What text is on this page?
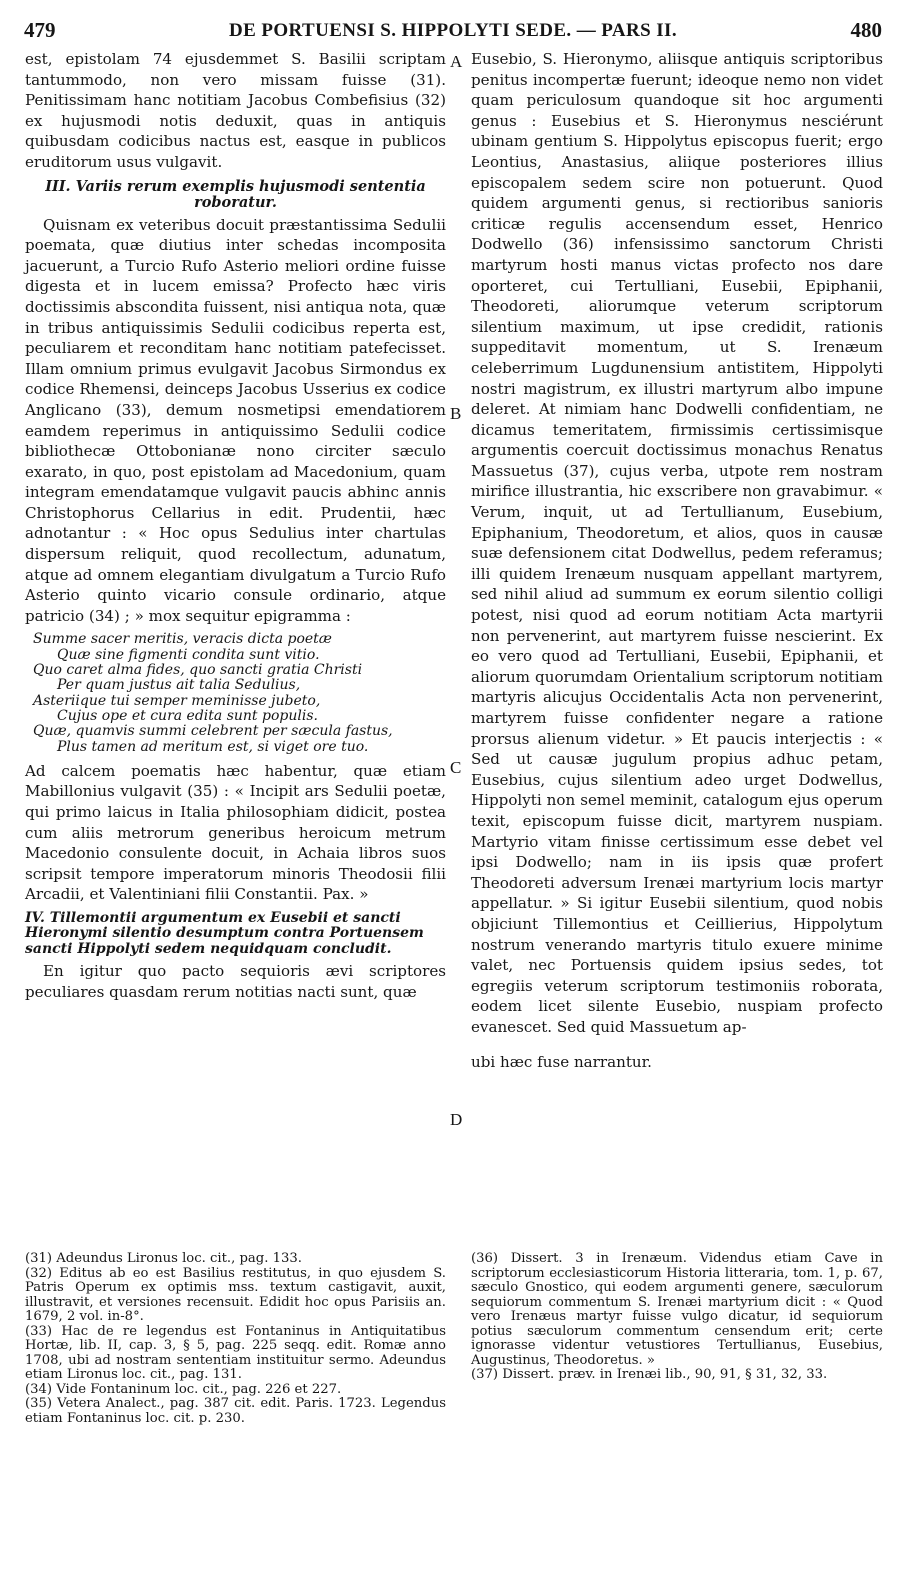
479	DE PORTUENSI S. HIPPOLYTI SEDE. — PARS II.	480

est, epistolam 74 ejusdemmet S. Basilii scriptam tantummodo, non vero missam fuisse (31). Penitissimam hanc notitiam Jacobus Combefisius (32) ex hujusmodi notis deduxit, quas in antiquis quibusdam codicibus nactus est, easque in publicos eruditorum usus vulgavit.

III. Variis rerum exemplis hujusmodi sententia roboratur.

Quisnam ex veteribus docuit præstantissima Sedulii poemata, quæ diutius inter schedas incomposita jacuerunt, a Turcio Rufo Asterio meliori ordine fuisse digesta et in lucem emissa? Profecto hæc viris doctissimis abscondita fuissent, nisi antiqua nota, quæ in tribus antiquissimis Sedulii codicibus reperta est, peculiarem et reconditam hanc notitiam patefecisset. Illam omnium primus evulgavit Jacobus Sirmondus ex codice Rhemensi, deinceps Jacobus Usserius ex codice Anglicano (33), demum nosmetipsi emendatiorem eamdem reperimus in antiquissimo Sedulii codice bibliothecæ Ottobonianæ nono circiter sæculo exarato, in quo, post epistolam ad Macedonium, quam integram emendatamque vulgavit paucis abhinc annis Christophorus Cellarius in edit. Prudentii, hæc adnotantur : « Hoc opus Sedulius inter chartulas dispersum reliquit, quod recollectum, adunatum, atque ad omnem elegantiam divulgatum a Turcio Rufo Asterio quinto vicario consule ordinario, atque patricio (34) ; » mox sequitur epigramma :

Summe sacer meritis, veracis dicta poetæ
Quæ sine figmenti condita sunt vitio.
Quo caret alma fides, quo sancti gratia Christi
Per quam justus ait talia Sedulius,
Asteriique tui semper meminisse jubeto,
Cujus ope et cura edita sunt populis.
Quæ, quamvis summi celebrent per sæcula fastus,
Plus tamen ad meritum est, si viget ore tuo.

Ad calcem poematis hæc habentur, quæ etiam Mabillonius vulgavit (35) : « Incipit ars Sedulii poetæ, qui primo laicus in Italia philosophiam didicit, postea cum aliis metrorum generibus heroicum metrum Macedonio consulente docuit, in Achaia libros suos scripsit tempore imperatorum minoris Theodosii filii Arcadii, et Valentiniani filii Constantii. Pax. »

IV. Tillemontii argumentum ex Eusebii et sancti Hieronymi silentio desumptum contra Portuensem sancti Hippolyti sedem nequidquam concludit.

En igitur quo pacto sequioris ævi scriptores peculiares quasdam rerum notitias nacti sunt, quæ

Eusebio, S. Hieronymo, aliisque antiquis scriptoribus penitus incompertæ fuerunt; ideoque nemo non videt quam periculosum quandoque sit hoc argumenti genus : Eusebius et S. Hieronymus nesciérunt ubinam gentium S. Hippolytus episcopus fuerit; ergo Leontius, Anastasius, aliique posteriores illius episcopalem sedem scire non potuerunt. Quod quidem argumenti genus, si rectioribus sanioris criticæ regulis accensendum esset, Henrico Dodwello (36) infensissimo sanctorum Christi martyrum hosti manus victas profecto nos dare oporteret, cui Tertulliani, Eusebii, Epiphanii, Theodoreti, aliorumque veterum scriptorum silentium maximum, ut ipse credidit, rationis suppeditavit momentum, ut S. Irenæum celeberrimum Lugdunensium antistitem, Hippolyti nostri magistrum, ex illustri martyrum albo impune deleret. At nimiam hanc Dodwelli confidentiam, ne dicamus temeritatem, firmissimis certissimisque argumentis coercuit doctissimus monachus Renatus Massuetus (37), cujus verba, utpote rem nostram mirifice illustrantia, hic exscribere non gravabimur. « Verum, inquit, ut ad Tertullianum, Eusebium, Epiphanium, Theodoretum, et alios, quos in causæ suæ defensionem citat Dodwellus, pedem referamus; illi quidem Irenæum nusquam appellant martyrem, sed nihil aliud ad summum ex eorum silentio colligi potest, nisi quod ad eorum notitiam Acta martyrii non pervenerint, aut martyrem fuisse nescierint. Ex eo vero quod ad Tertulliani, Eusebii, Epiphanii, et aliorum quorumdam Orientalium scriptorum notitiam martyris alicujus Occidentalis Acta non pervenerint, martyrem fuisse confidenter negare a ratione prorsus alienum videtur. » Et paucis interjectis : « Sed ut causæ jugulum propius adhuc petam, Eusebius, cujus silentium adeo urget Dodwellus, Hippolyti non semel meminit, catalogum ejus operum texit, episcopum fuisse dicit, martyrem nuspiam. Martyrio vitam finisse certissimum esse debet vel ipsi Dodwello; nam in iis ipsis quæ profert Theodoreti adversum Irenæi martyrium locis martyr appellatur. » Si igitur Eusebii silentium, quod nobis objiciunt Tillemontius et Ceillierius, Hippolytum nostrum venerando martyris titulo exuere minime valet, nec Portuensis quidem ipsius sedes, tot egregiis veterum scriptorum testimoniis roborata, eodem licet silente Eusebio, nuspiam profecto evanescet. Sed quid Massuetum ap-

ubi hæc fuse narrantur.

A
B
C
D

(31) Adeundus Lironus loc. cit., pag. 133.

(32) Editus ab eo est Basilius restitutus, in quo ejusdem S. Patris Operum ex optimis mss. textum castigavit, auxit, illustravit, et versiones recensuit. Edidit hoc opus Parisiis an. 1679, 2 vol. in-8°.

(33) Hac de re legendus est Fontaninus in Antiquitatibus Hortæ, lib. II, cap. 3, § 5, pag. 225 seqq. edit. Romæ anno 1708, ubi ad nostram sententiam instituitur sermo. Adeundus etiam Lironus loc. cit., pag. 131.

(34) Vide Fontaninum loc. cit., pag. 226 et 227.

(35) Vetera Analect., pag. 387 cit. edit. Paris. 1723. Legendus etiam Fontaninus loc. cit. p. 230.

(36) Dissert. 3 in Irenæum. Videndus etiam Cave in scriptorum ecclesiasticorum Historia litteraria, tom. 1, p. 67, sæculo Gnostico, qui eodem argumenti genere, sæculorum sequiorum commentum S. Irenæi martyrium dicit : « Quod vero Irenæus martyr fuisse vulgo dicatur, id sequiorum potius sæculorum commentum censendum erit; certe ignorasse videntur vetustiores Tertullianus, Eusebius, Augustinus, Theodoretus. »

(37) Dissert. præv. in Irenæi lib., 90, 91, § 31, 32, 33.
